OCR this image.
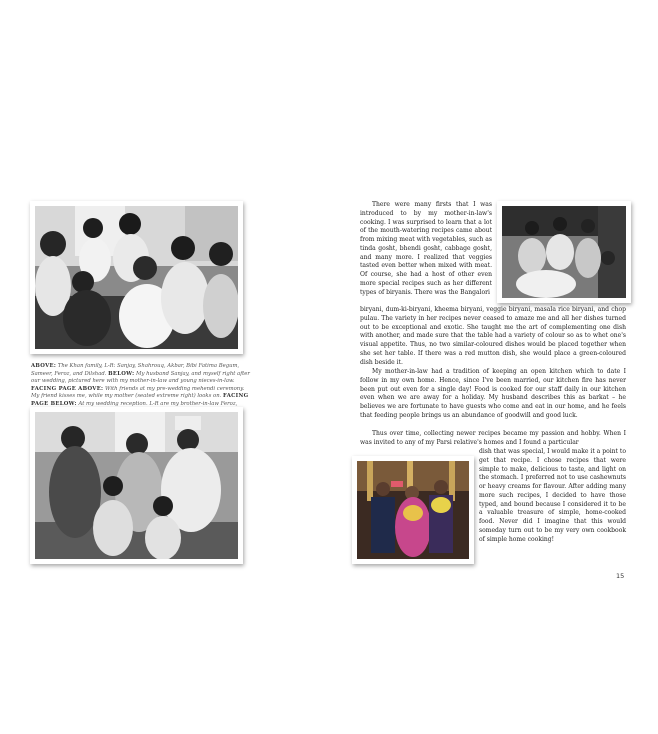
ABOVE: The Khan family, L-R: Sanjay, Shahrouq, Akbar, Bibi Fatima Begum, Sameer, Feroz, and Dilshad. BELOW: My husband Sanjay, and myself right after our wedding, pictured here with my mother-in-law and young nieces-in-law. FACING PAGE ABOVE: With friends at my pre-wedding mehendi ceremony. My friend kisses me, while my mother (seated extreme right) looks on. FACING PAGE BELOW: At my wedding reception. L-R are my brother-in-law Feroz,

There were many firsts that I was introduced to by my mother-in-law's cooking. I was surprised to learn that a lot of the mouth-watering recipes came about from mixing meat with vegetables, such as tinda gosht, bhendi gosht, cabbage gosht, and many more. I realized that veggies tasted even better when mixed with meat. Of course, she had a host of other even more special recipes such as her different types of biryanis. There was the Bangalori

biryani, dum-ki-biryani, kheema biryani, veggie biryani, masala rice biryani, and chop pulau. The variety in her recipes never ceased to amaze me and all her dishes turned out to be exceptional and exotic. She taught me the art of complementing one dish with another, and made sure that the table had a variety of colour so as to whet one's visual appetite. Thus, no two similar-coloured dishes would be placed together when she set her table. If there was a red mutton dish, she would place a green-coloured dish beside it.

My mother-in-law had a tradition of keeping an open kitchen which to date I follow in my own home. Hence, since I've been married, our kitchen fire has never been put out even for a single day! Food is cooked for our staff daily in our kitchen even when we are away for a holiday. My husband describes this as barkat – he believes we are fortunate to have guests who come and eat in our home, and he feels that feeding people brings us an abundance of goodwill and good luck.

Thus over time, collecting newer recipes became my passion and hobby. When I was invited to any of my Parsi relative's homes and I found a particular

dish that was special, I would make it a point to get that recipe. I chose recipes that were simple to make, delicious to taste, and light on the stomach. I preferred not to use cashewnuts or heavy creams for flavour. After adding many more such recipes, I decided to have those typed, and bound because I considered it to be a valuable treasure of simple, home-cooked food. Never did I imagine that this would someday turn out to be my very own cookbook of simple home cooking!

15
